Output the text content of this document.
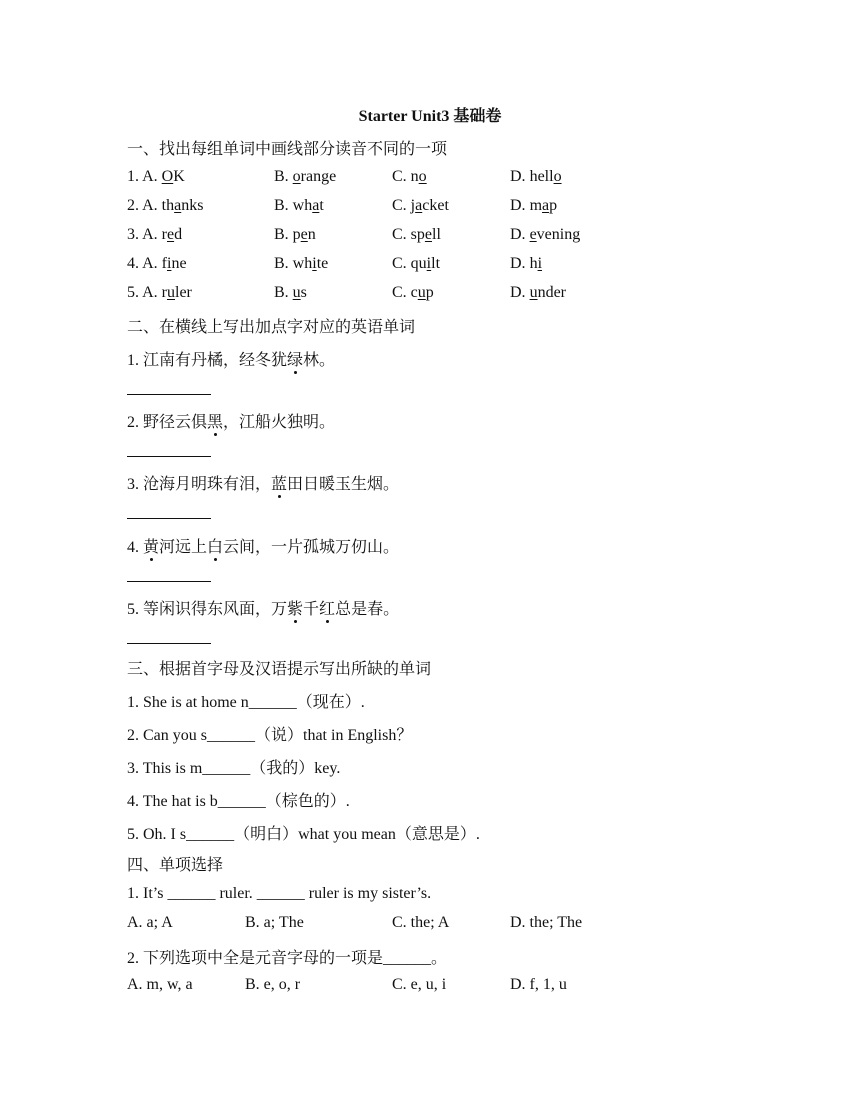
Starter Unit3 基础卷
一、找出每组单词中画线部分读音不同的一项
1. A. OK	B. orange	C. no	D. hello
2. A. thanks	B. what	C. jacket	D. map
3. A. red	B. pen	C. spell	D. evening
4. A. fine	B. white	C. quilt	D. hi
5. A. ruler	B. us	C. cup	D. under
二、在横线上写出加点字对应的英语单词
1. 江南有丹橘，经冬犹绿林。
2. 野径云俱黑，江船火独明。
3. 沧海月明珠有泪，蓝田日暖玉生烟。
4. 黄河远上白云间，一片孤城万仞山。
5. 等闲识得东风面，万紫千红总是春。
三、根据首字母及汉语提示写出所缺的单词
1. She is at home n______（现在）.
2. Can you s______（说）that in English？
3. This is m______（我的）key.
4. The hat is b______（棕色的）.
5. Oh. I s______（明白）what you mean（意思是）.
四、单项选择
1. It’s ______ ruler. ______ ruler is my sister’s.
A. a; A	B. a; The	C. the; A	D. the; The
2. 下列选项中全是元音字母的一项是______。
A. m, w, a	B. e, o, r	C. e, u, i	D. f, 1, u
